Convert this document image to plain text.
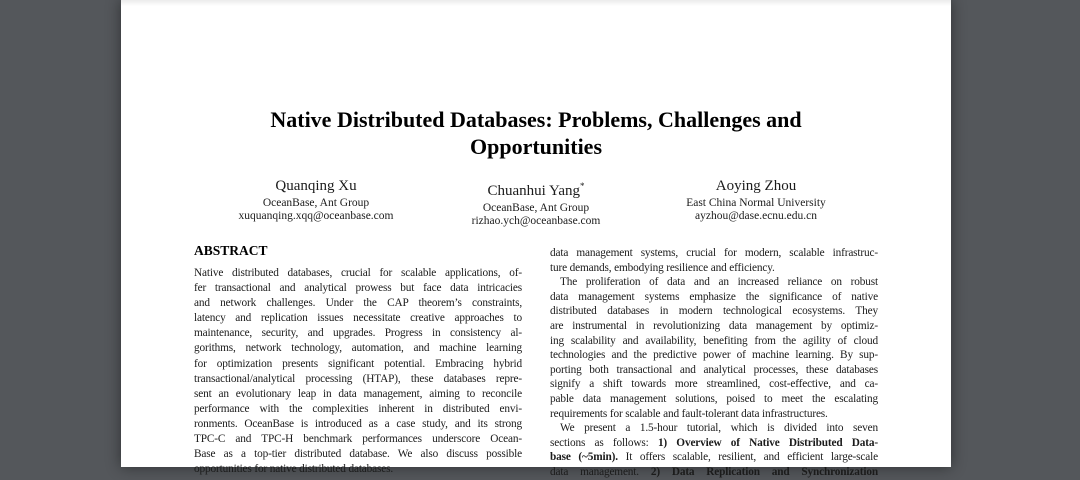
Native Distributed Databases: Problems, Challenges and Opportunities
Quanqing Xu
OceanBase, Ant Group
xuquanqing.xqq@oceanbase.com
Chuanhui Yang*
OceanBase, Ant Group
rizhao.ych@oceanbase.com
Aoying Zhou
East China Normal University
ayzhou@dase.ecnu.edu.cn
ABSTRACT
Native distributed databases, crucial for scalable applications, of-
fer transactional and analytical prowess but face data intricacies
and network challenges. Under the CAP theorem’s constraints,
latency and replication issues necessitate creative approaches to
maintenance, security, and upgrades. Progress in consistency al-
gorithms, network technology, automation, and machine learning
for optimization presents significant potential. Embracing hybrid
transactional/analytical processing (HTAP), these databases repre-
sent an evolutionary leap in data management, aiming to reconcile
performance with the complexities inherent in distributed envi-
ronments. OceanBase is introduced as a case study, and its strong
TPC-C and TPC-H benchmark performances underscore Ocean-
Base as a top-tier distributed database. We also discuss possible
opportunities for native distributed databases.
data management systems, crucial for modern, scalable infrastruc-
ture demands, embodying resilience and efficiency.
The proliferation of data and an increased reliance on robust
data management systems emphasize the significance of native
distributed databases in modern technological ecosystems. They
are instrumental in revolutionizing data management by optimiz-
ing scalability and availability, benefiting from the agility of cloud
technologies and the predictive power of machine learning. By sup-
porting both transactional and analytical processes, these databases
signify a shift towards more streamlined, cost-effective, and ca-
pable data management solutions, poised to meet the escalating
requirements for scalable and fault-tolerant data infrastructures.
We present a 1.5-hour tutorial, which is divided into seven
sections as follows: 1) Overview of Native Distributed Data-
base (~5min). It offers scalable, resilient, and efficient large-scale
data management. 2) Data Replication and Synchronization
